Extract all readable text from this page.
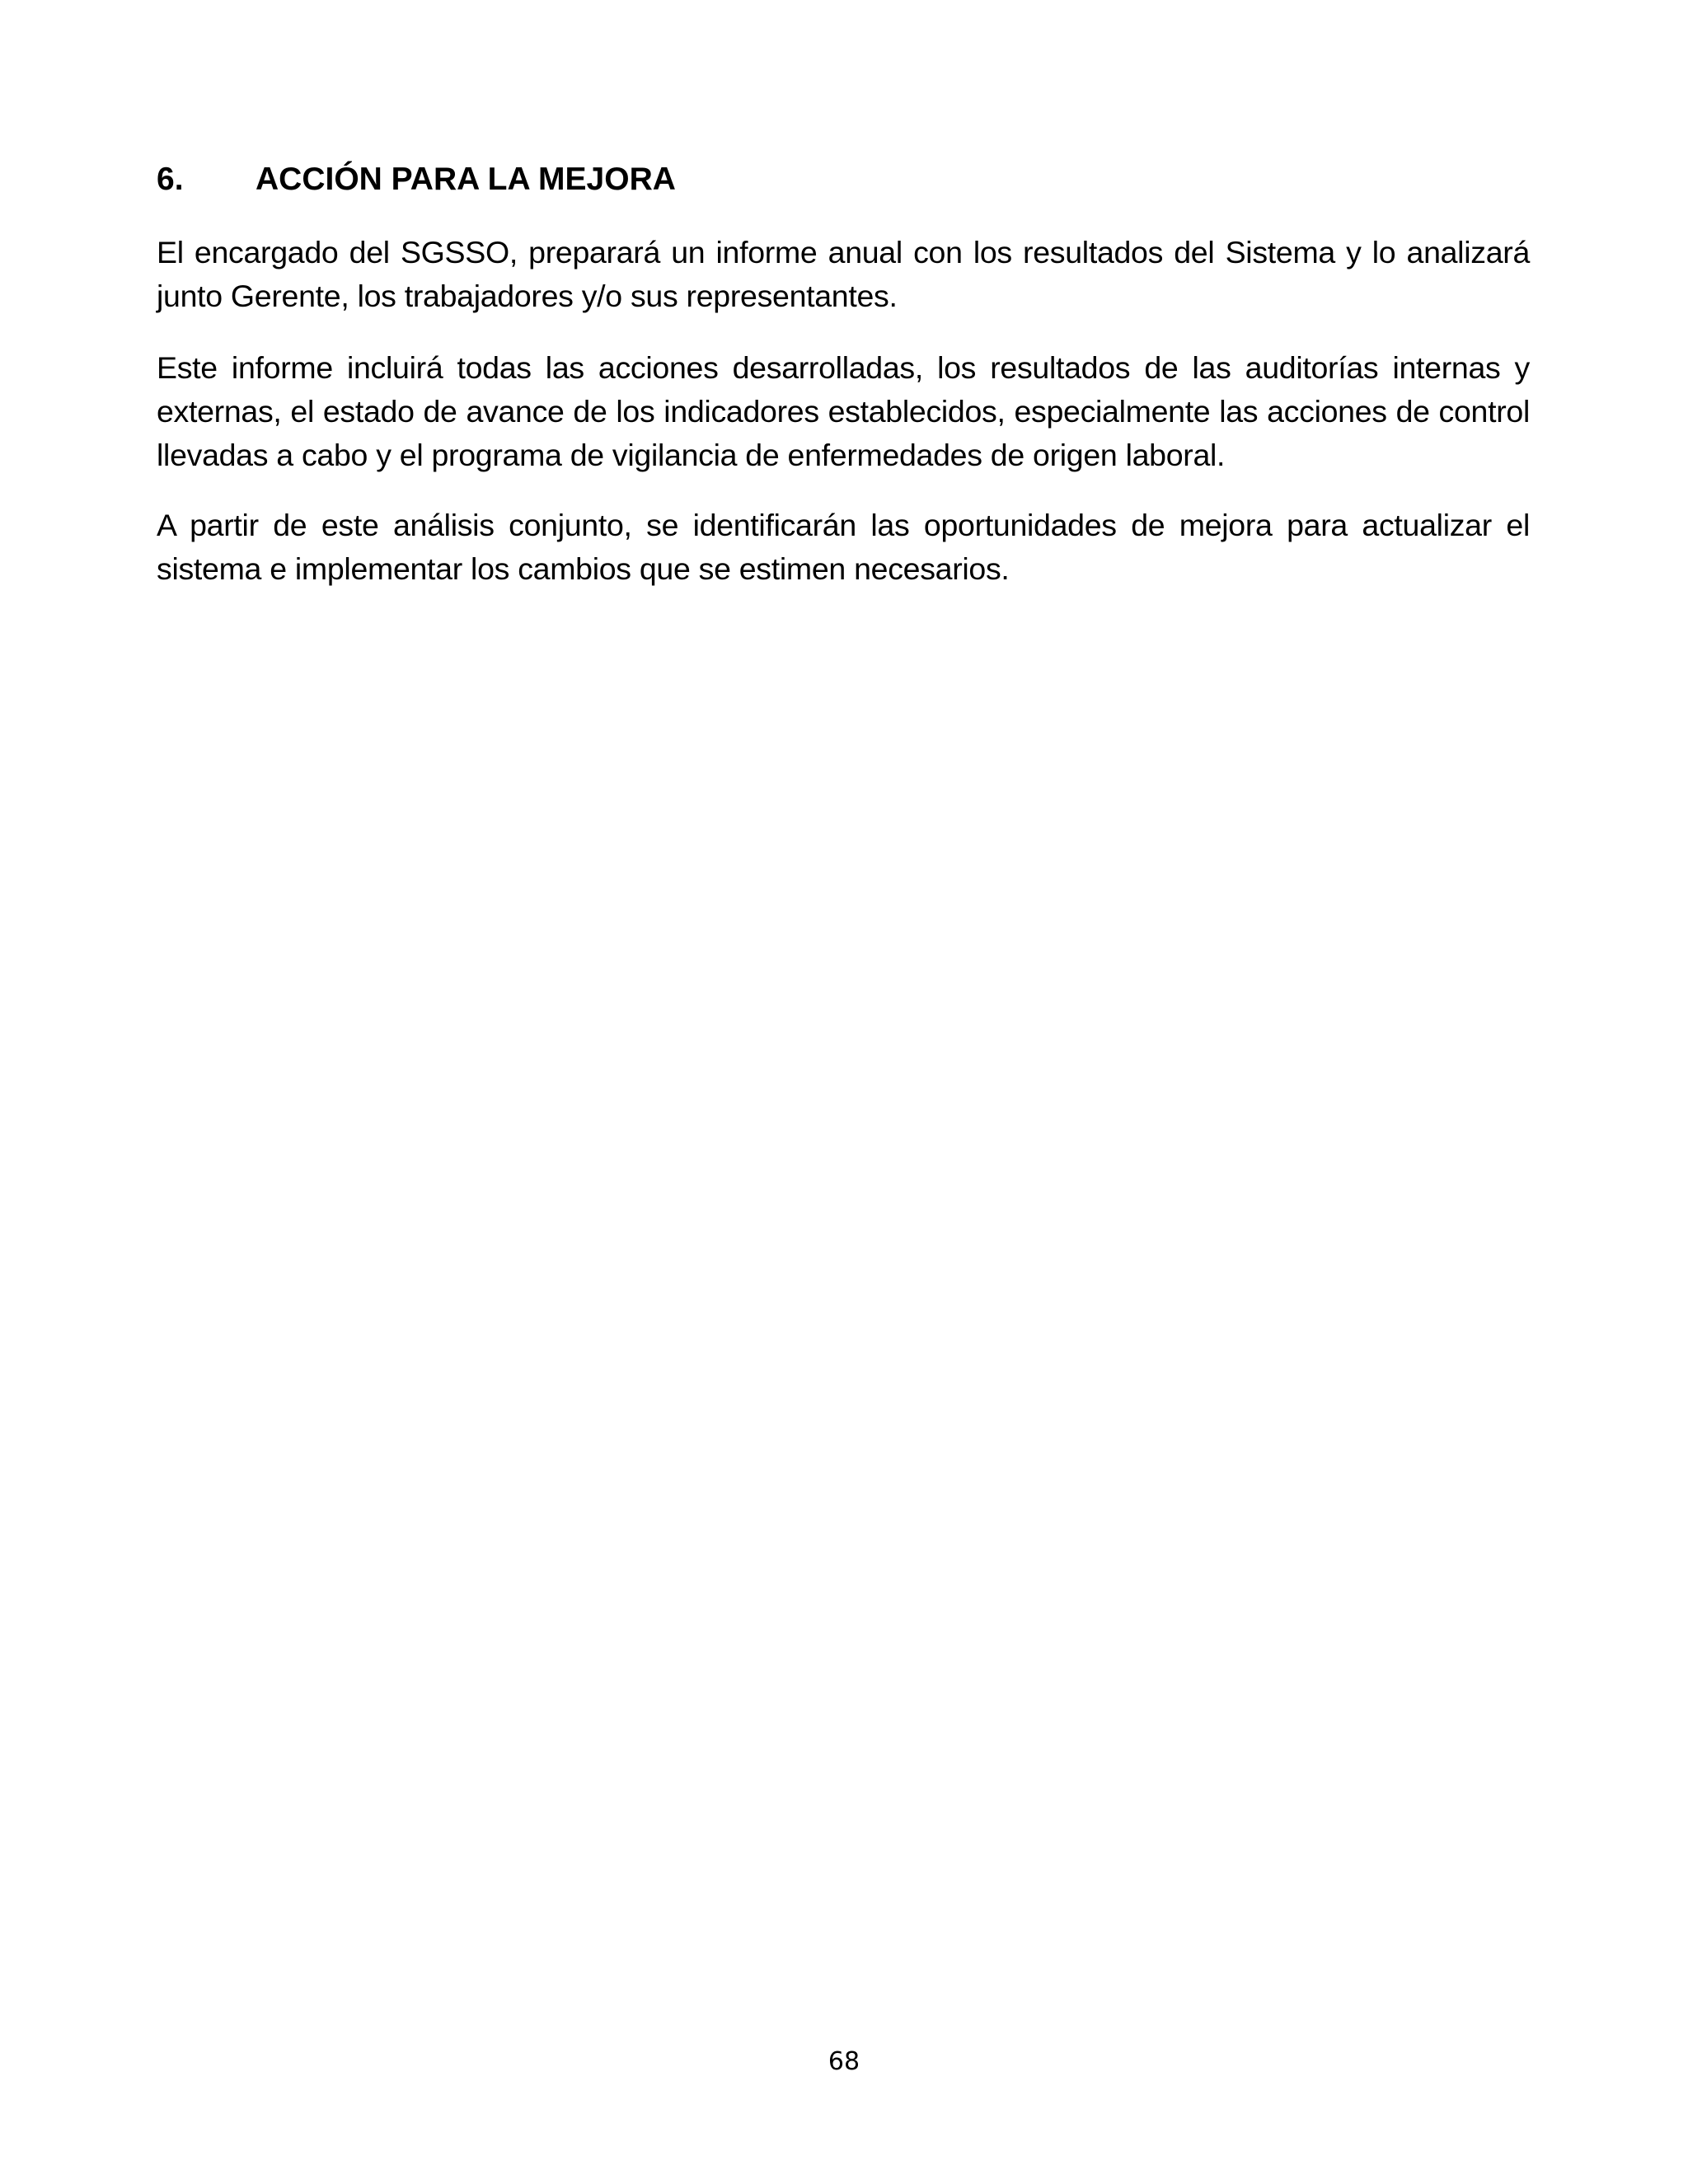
6. ACCIÓN PARA LA MEJORA
El encargado del SGSSO, preparará un informe anual con los resultados del Sistema y lo analizará junto Gerente, los trabajadores y/o sus representantes.
Este informe incluirá todas las acciones desarrolladas, los resultados de las auditorías internas y externas, el estado de avance de los indicadores establecidos, especialmente las acciones de control llevadas a cabo y el programa de vigilancia de enfermedades de origen laboral.
A partir de este análisis conjunto, se identificarán las oportunidades de mejora para actualizar el sistema e implementar los cambios que se estimen necesarios.
68
